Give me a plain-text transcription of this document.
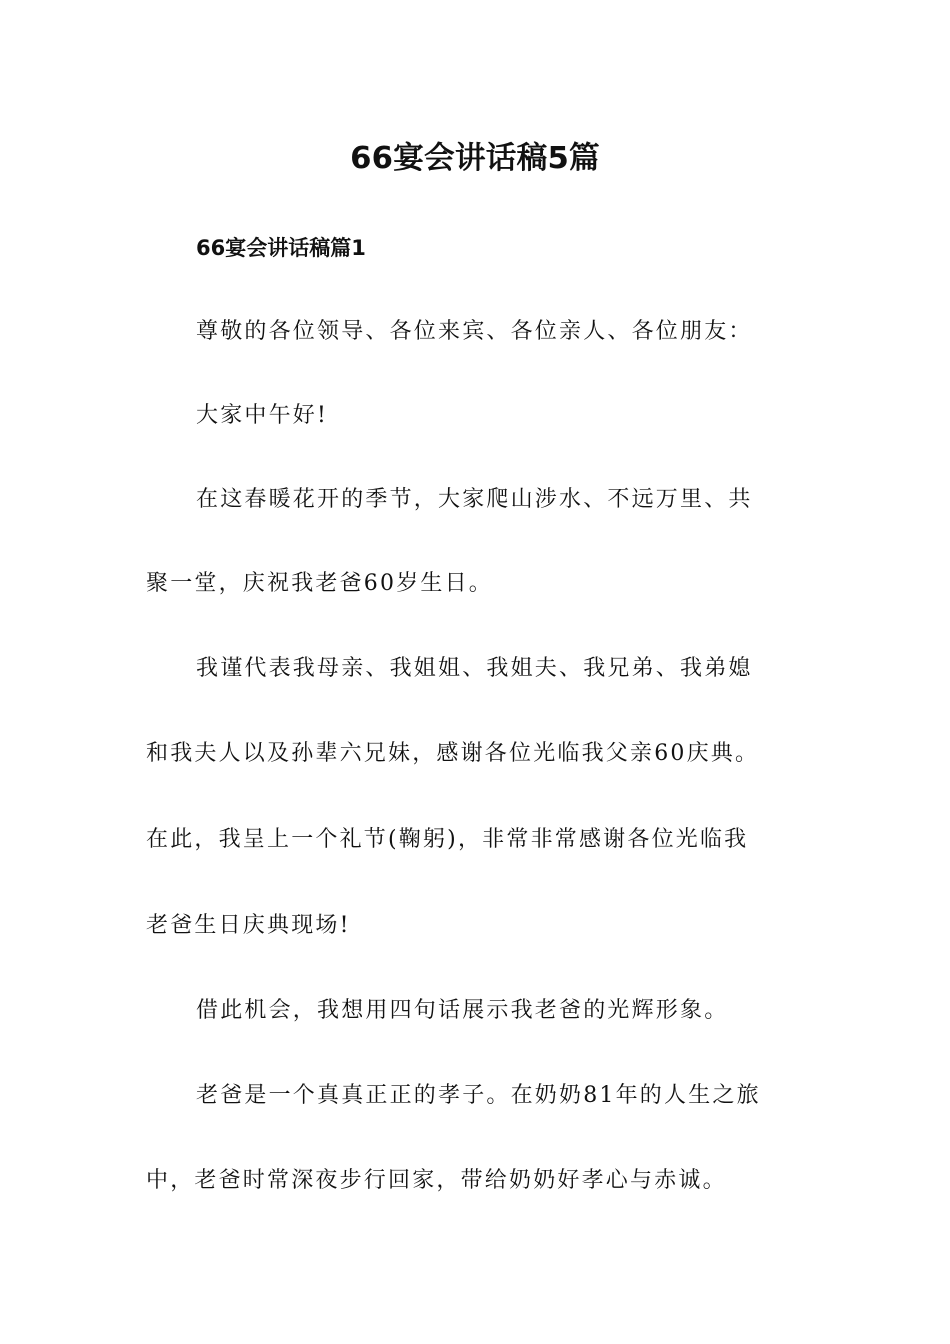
66宴会讲话稿5篇
66宴会讲话稿篇1

尊敬的各位领导、各位来宾、各位亲人、各位朋友：

大家中午好!

在这春暖花开的季节，大家爬山涉水、不远万里、共

聚一堂，庆祝我老爸60岁生日。

我谨代表我母亲、我姐姐、我姐夫、我兄弟、我弟媳

和我夫人以及孙辈六兄妹，感谢各位光临我父亲60庆典。

在此，我呈上一个礼节(鞠躬)，非常非常感谢各位光临我

老爸生日庆典现场!

借此机会，我想用四句话展示我老爸的光辉形象。

老爸是一个真真正正的孝子。在奶奶81年的人生之旅

中，老爸时常深夜步行回家，带给奶奶好孝心与赤诚。
